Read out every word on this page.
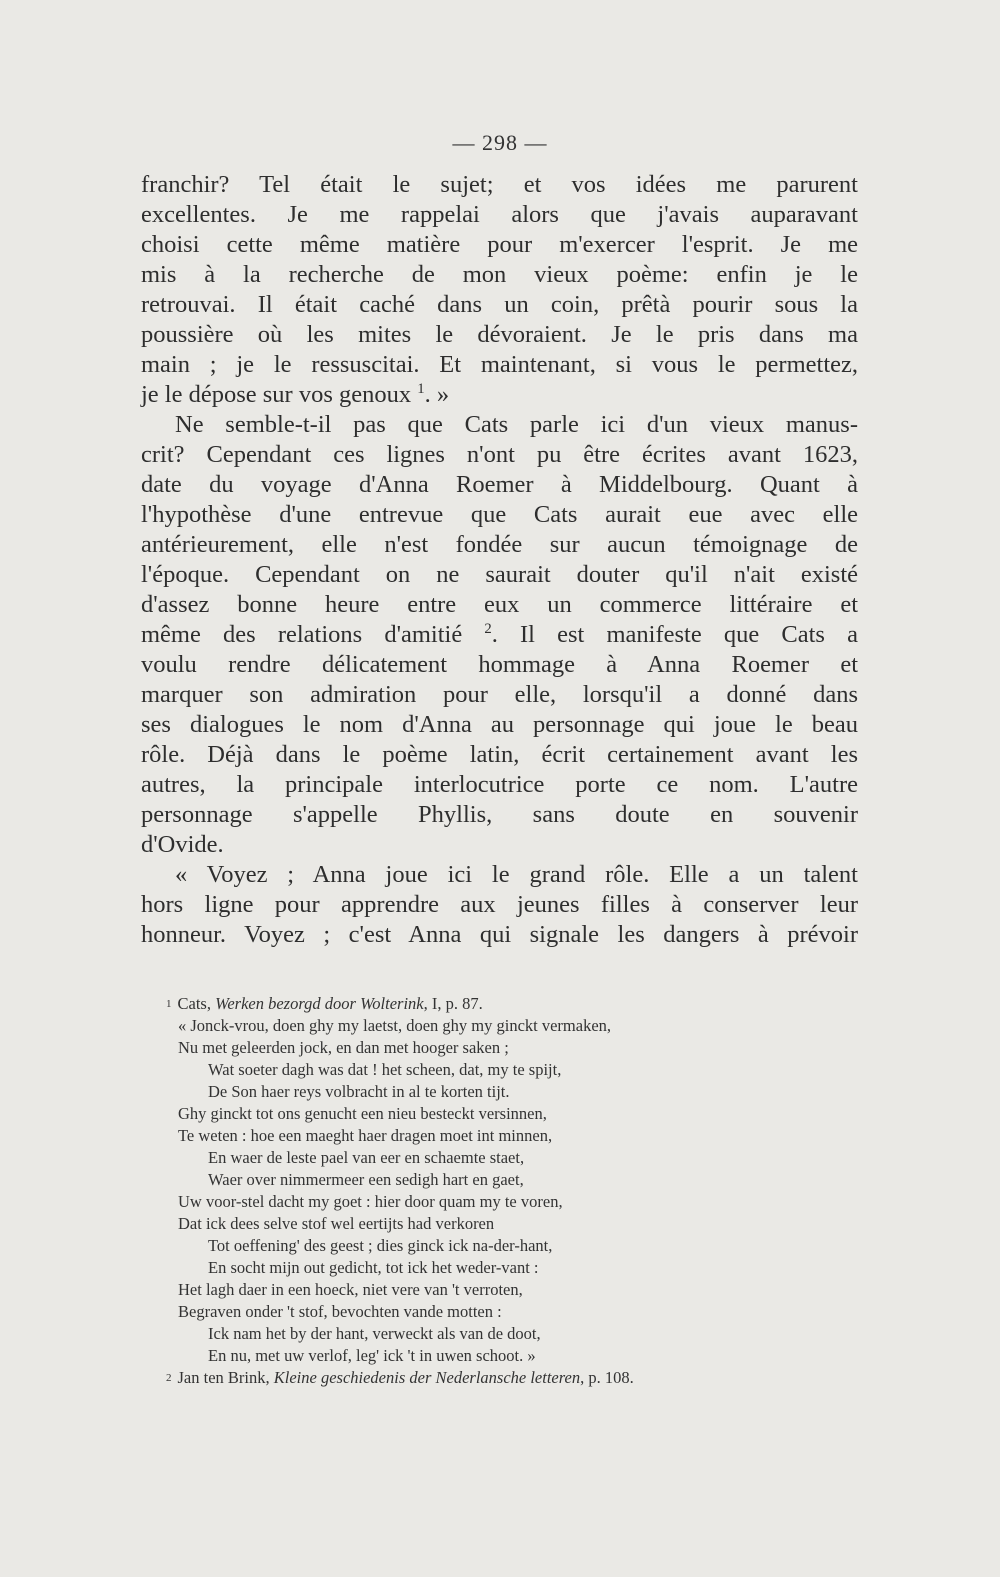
— 298 —
franchir? Tel était le sujet; et vos idées me parurent
excellentes. Je me rappelai alors que j'avais auparavant
choisi cette même matière pour m'exercer l'esprit. Je me
mis à la recherche de mon vieux poème: enfin je le
retrouvai. Il était caché dans un coin, prêtà pourir sous la
poussière où les mites le dévoraient. Je le pris dans ma
main ; je le ressuscitai. Et maintenant, si vous le permettez,
je le dépose sur vos genoux $^1$. »
Ne semble-t-il pas que Cats parle ici d'un vieux manus-
crit? Cependant ces lignes n'ont pu être écrites avant 1623,
date du voyage d'Anna Roemer à Middelbourg. Quant à
l'hypothèse d'une entrevue que Cats aurait eue avec elle
antérieurement, elle n'est fondée sur aucun témoignage de
l'époque. Cependant on ne saurait douter qu'il n'ait existé
d'assez bonne heure entre eux un commerce littéraire et
même des relations d'amitié $^2$. Il est manifeste que Cats a
voulu rendre délicatement hommage à Anna Roemer et
marquer son admiration pour elle, lorsqu'il a donné dans
ses dialogues le nom d'Anna au personnage qui joue le beau
rôle. Déjà dans le poème latin, écrit certainement avant les
autres, la principale interlocutrice porte ce nom. L'autre
personnage s'appelle Phyllis, sans doute en souvenir
d'Ovide.
« Voyez ; Anna joue ici le grand rôle. Elle a un talent
hors ligne pour apprendre aux jeunes filles à conserver leur
honneur. Voyez ; c'est Anna qui signale les dangers à prévoir
$^1$ Cats, Werken bezorgd door Wolterink, I, p. 87.
« Jonck-vrou, doen ghy my laetst, doen ghy my ginckt vermaken,
Nu met geleerden jock, en dan met hooger saken ;
Wat soeter dagh was dat ! het scheen, dat, my te spijt,
De Son haer reys volbracht in al te korten tijt.
Ghy ginckt tot ons genucht een nieu besteckt versinnen,
Te weten : hoe een maeght haer dragen moet int minnen,
En waer de leste pael van eer en schaemte staet,
Waer over nimmermeer een sedigh hart en gaet,
Uw voor-stel dacht my goet : hier door quam my te voren,
Dat ick dees selve stof wel eertijts had verkoren
Tot oeffening' des geest ; dies ginck ick na-der-hant,
En socht mijn out gedicht, tot ick het weder-vant :
Het lagh daer in een hoeck, niet vere van 't verroten,
Begraven onder 't stof, bevochten vande motten :
Ick nam het by der hant, verweckt als van de doot,
En nu, met uw verlof, leg' ick 't in uwen schoot. »
$^2$ Jan ten Brink, Kleine geschiedenis der Nederlansche letteren, p. 108.
